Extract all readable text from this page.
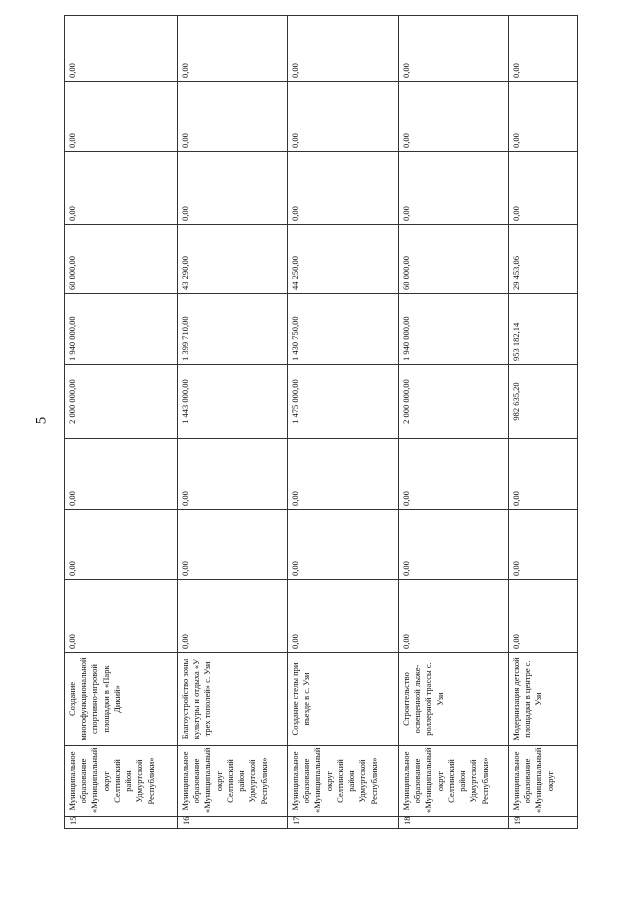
5
15	Муниципальное образование «Муниципальный округ Селтинский район Удмуртской Республики»	Создание многофункциональной спортивно-игровой площадки в «Парк Дикий»	0,00	0,00	0,00	2 000 000,00	1 940 000,00	60 000,00	0,00	0,00	0,00
16	Муниципальное образование «Муниципальный округ Селтинский район Удмуртской Республики»	Благоустройство зоны культуры и отдыха «У трех тополей» с. Узи	0,00	0,00	0,00	1 443 000,00	1 399 710,00	43 290,00	0,00	0,00	0,00
17	Муниципальное образование «Муниципальный округ Селтинский район Удмуртской Республики»	Создание стелы при въезде в с. Узи	0,00	0,00	0,00	1 475 000,00	1 430 750,00	44 250,00	0,00	0,00	0,00
18	Муниципальное образование «Муниципальный округ Селтинский район Удмуртской Республики»	Строительство освещенной лыже-роллерной трассы с. Узи	0,00	0,00	0,00	2 000 000,00	1 940 000,00	60 000,00	0,00	0,00	0,00
19	Муниципальное образование «Муниципальный округ	Модернизация детской площадки в центре с. Узи	0,00	0,00	0,00	982 635,20	953 182,14	29 453,06	0,00	0,00	0,00
